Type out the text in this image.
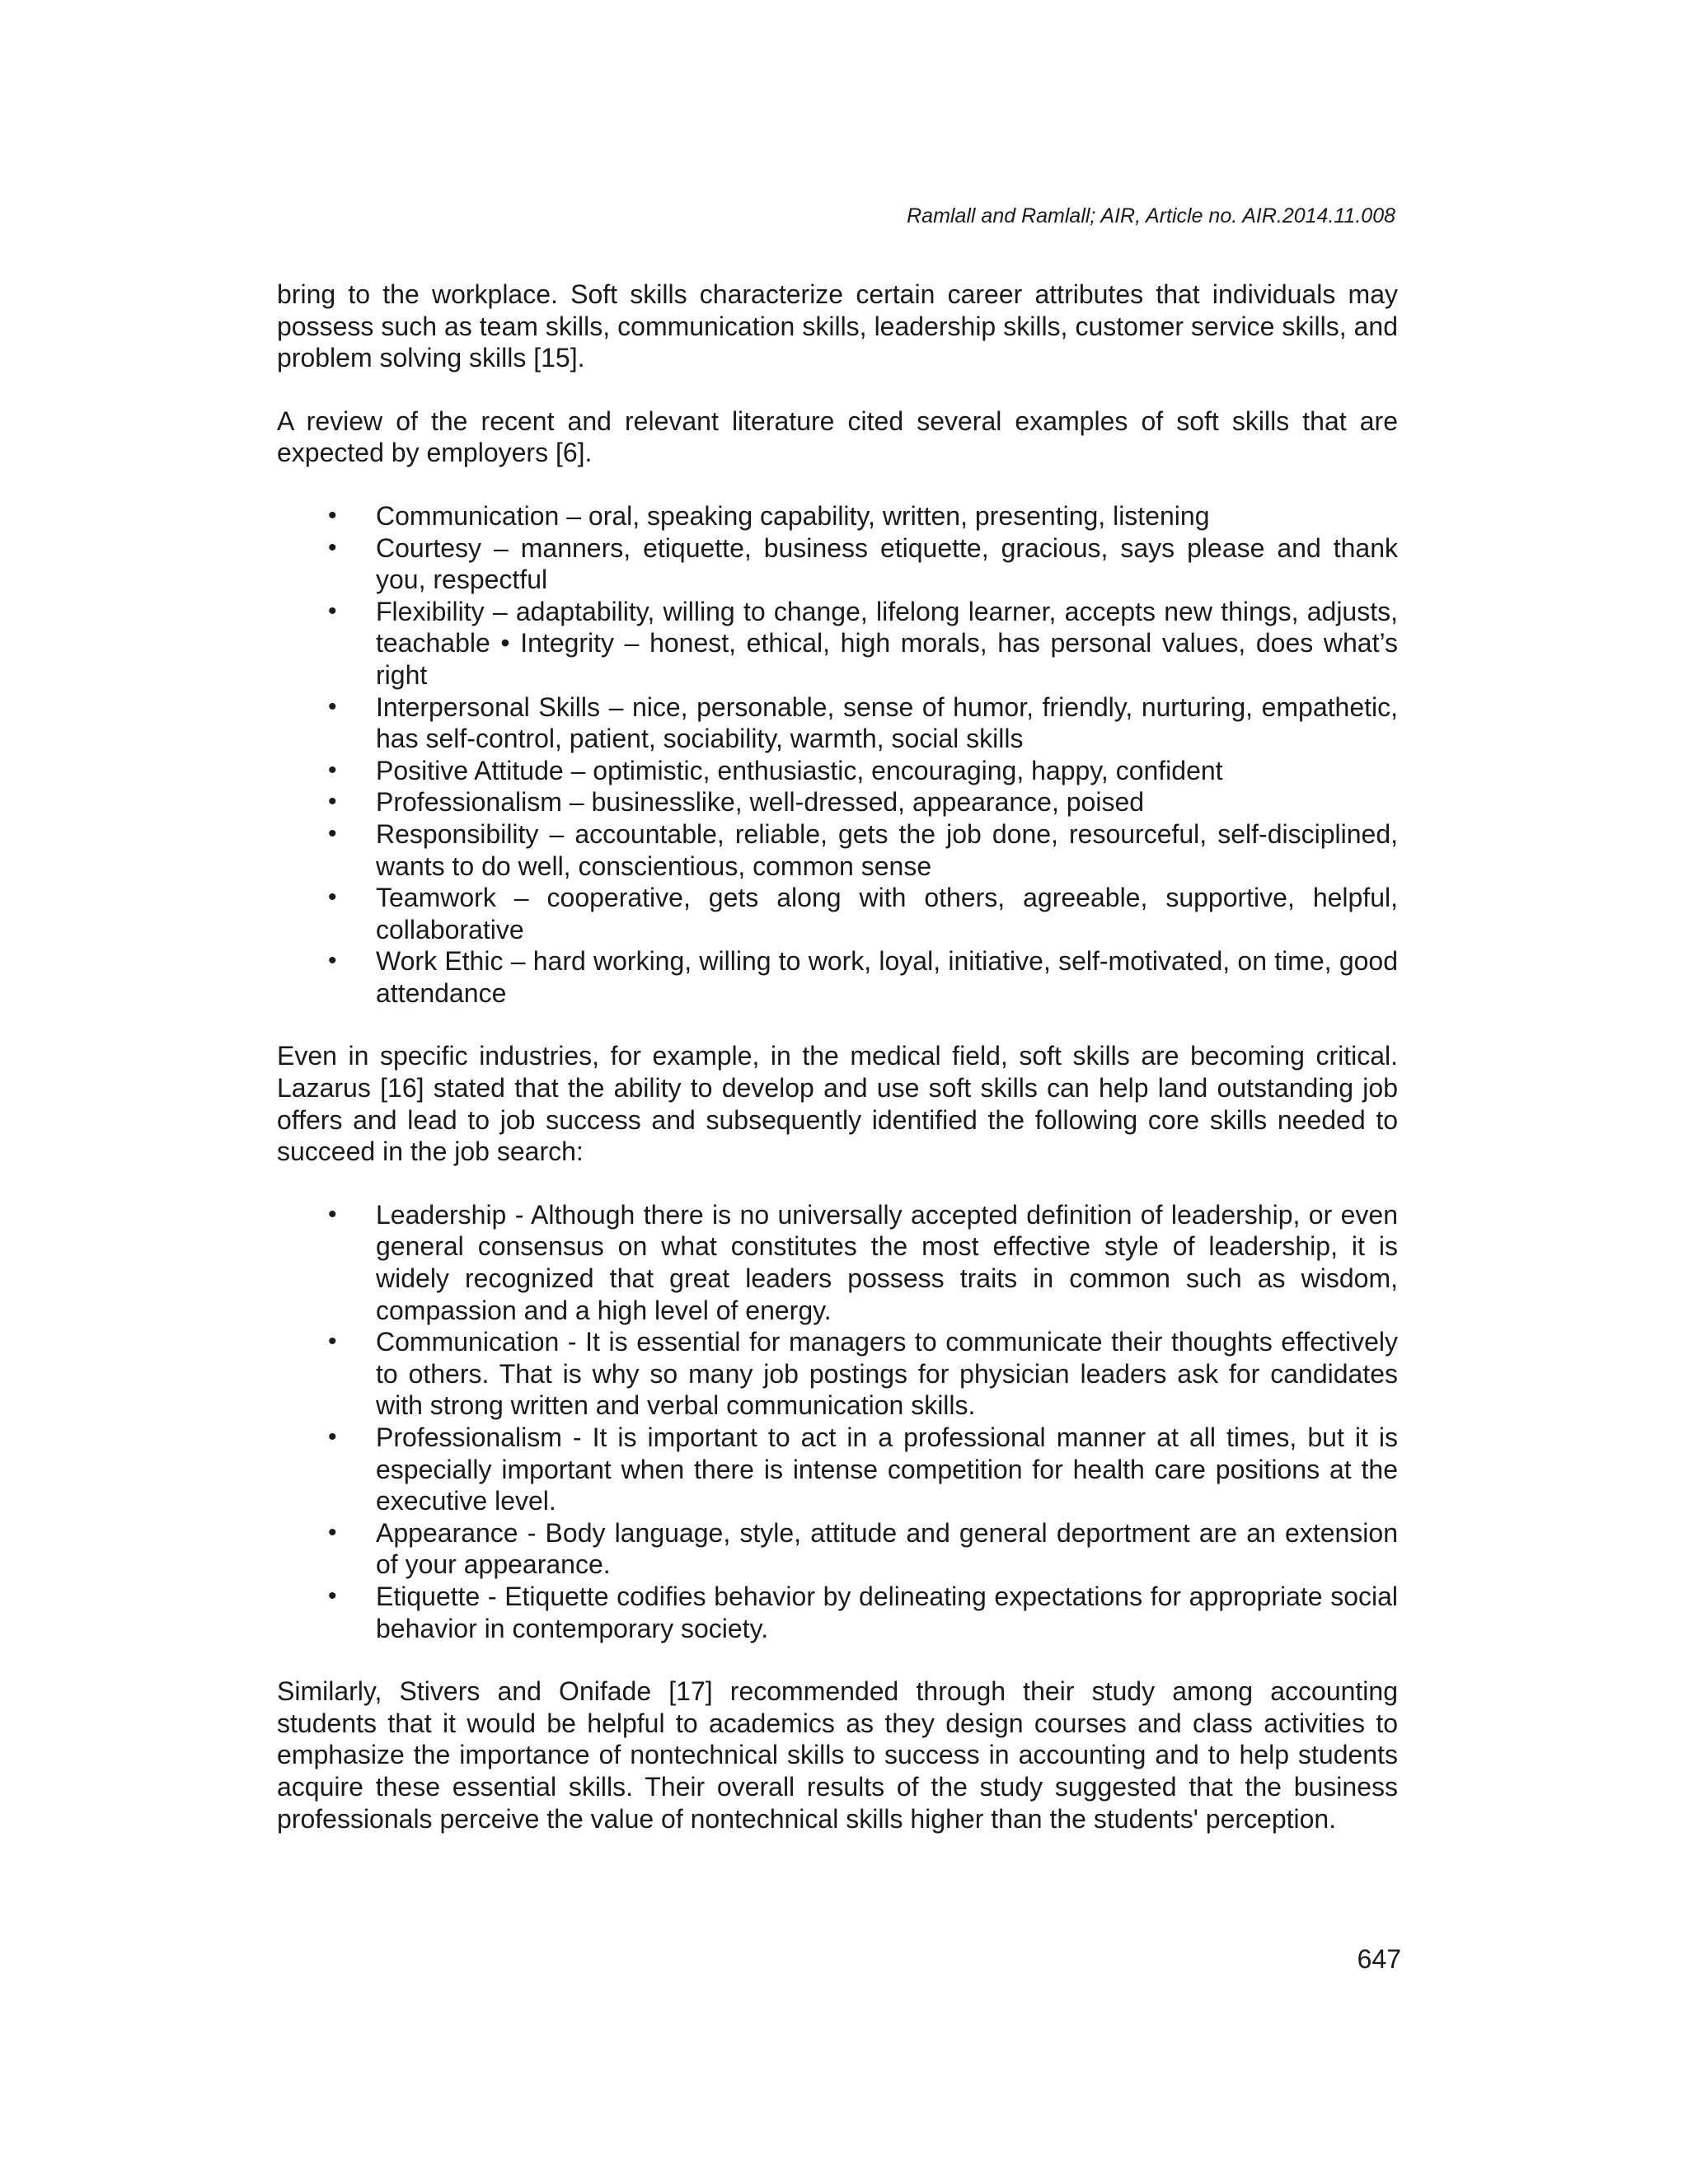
Ramlall and Ramlall; AIR, Article no. AIR.2014.11.008

bring to the workplace. Soft skills characterize certain career attributes that individuals may possess such as team skills, communication skills, leadership skills, customer service skills, and problem solving skills [15].

A review of the recent and relevant literature cited several examples of soft skills that are expected by employers [6].

• Communication – oral, speaking capability, written, presenting, listening
• Courtesy – manners, etiquette, business etiquette, gracious, says please and thank you, respectful
• Flexibility – adaptability, willing to change, lifelong learner, accepts new things, adjusts, teachable • Integrity – honest, ethical, high morals, has personal values, does what’s right
• Interpersonal Skills – nice, personable, sense of humor, friendly, nurturing, empathetic, has self-control, patient, sociability, warmth, social skills
• Positive Attitude – optimistic, enthusiastic, encouraging, happy, confident
• Professionalism – businesslike, well-dressed, appearance, poised
• Responsibility – accountable, reliable, gets the job done, resourceful, self-disciplined, wants to do well, conscientious, common sense
• Teamwork – cooperative, gets along with others, agreeable, supportive, helpful, collaborative
• Work Ethic – hard working, willing to work, loyal, initiative, self-motivated, on time, good attendance

Even in specific industries, for example, in the medical field, soft skills are becoming critical. Lazarus [16] stated that the ability to develop and use soft skills can help land outstanding job offers and lead to job success and subsequently identified the following core skills needed to succeed in the job search:

• Leadership - Although there is no universally accepted definition of leadership, or even general consensus on what constitutes the most effective style of leadership, it is widely recognized that great leaders possess traits in common such as wisdom, compassion and a high level of energy.
• Communication - It is essential for managers to communicate their thoughts effectively to others. That is why so many job postings for physician leaders ask for candidates with strong written and verbal communication skills.
• Professionalism - It is important to act in a professional manner at all times, but it is especially important when there is intense competition for health care positions at the executive level.
• Appearance - Body language, style, attitude and general deportment are an extension of your appearance.
• Etiquette - Etiquette codifies behavior by delineating expectations for appropriate social behavior in contemporary society.

Similarly, Stivers and Onifade [17] recommended through their study among accounting students that it would be helpful to academics as they design courses and class activities to emphasize the importance of nontechnical skills to success in accounting and to help students acquire these essential skills. Their overall results of the study suggested that the business professionals perceive the value of nontechnical skills higher than the students' perception.

647
